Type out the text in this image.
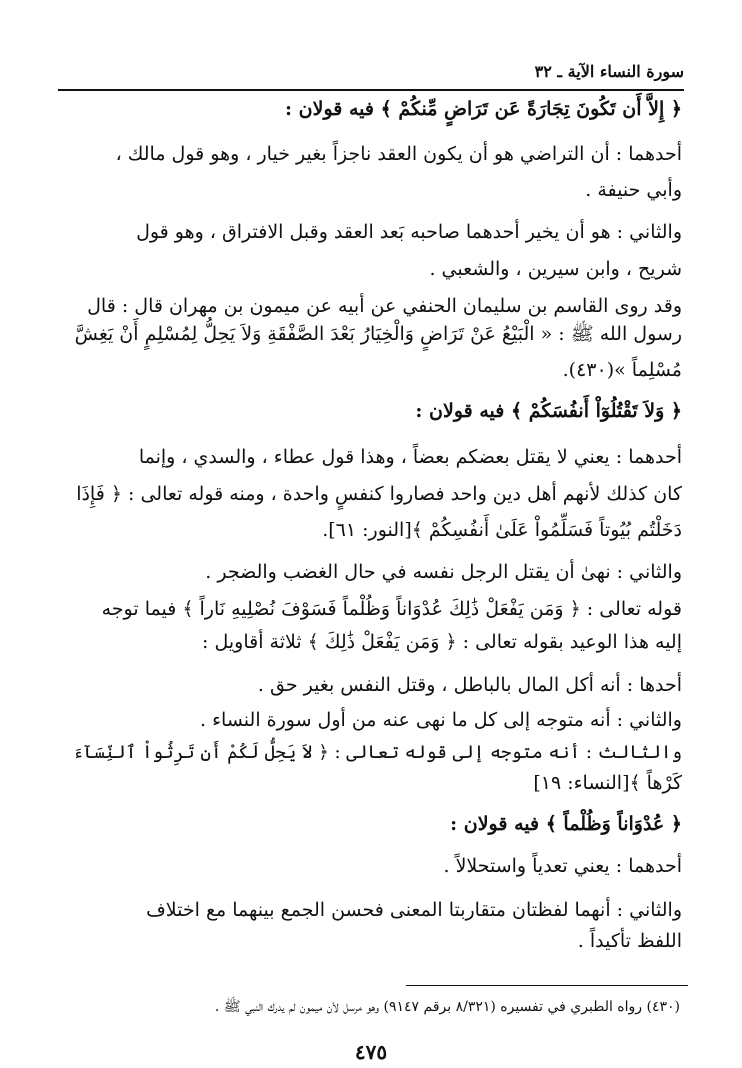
سورة النساء الآية ـ ٣٢
﴿ إِلاَّ أَن تَكُونَ تِجَارَةً عَن تَرَاضٍ مِّنكُمْ ﴾ فيه قولان :
أحدهما : أن التراضي هو أن يكون العقد ناجزاً بغير خيار ، وهو قول مالك ،
وأبي حنيفة .
والثاني : هو أن يخير أحدهما صاحبه بَعد العقد وقبل الافتراق ، وهو قول
شريح ، وابن سيرين ، والشعبي .
وقد روى القاسم بن سليمان الحنفي عن أبيه عن ميمون بن مهران قال : قال
رسول الله ﷺ : « الْبَيْعُ عَنْ تَرَاضٍ وَالْخِيَارُ بَعْدَ الصَّفْقَةِ وَلاَ يَحِلُّ لِمُسْلِمٍ أَنْ يَغِشَّ
مُسْلِماً »(٤٣٠).
﴿ وَلاَ تَقْتُلُوٓاْ أَنفُسَكُمْ ﴾ فيه قولان :
أحدهما : يعني لا يقتل بعضكم بعضاً ، وهذا قول عطاء ، والسدي ، وإنما
كان كذلك لأنهم أهل دين واحد فصاروا كنفسٍ واحدة ، ومنه قوله تعالى : ﴿ فَإِذَا
دَخَلْتُم بُيُوتاً فَسَلِّمُواْ عَلَىٰ أَنفُسِكُمْ ﴾[النور: ٦١].
والثاني : نهىٰ أن يقتل الرجل نفسه في حال الغضب والضجر .
قوله تعالى : ﴿ وَمَن يَفْعَلْ ذَٰلِكَ عُدْوَاناً وَظُلْماً فَسَوْفَ نُصْلِيهِ نَاراً ﴾ فيما توجه
إليه هذا الوعيد بقوله تعالى : ﴿ وَمَن يَفْعَلْ ذَٰلِكَ ﴾ ثلاثة أقاويل :
أحدها : أنه أكل المال بالباطل ، وقتل النفس بغير حق .
والثاني : أنه متوجه إلى كل ما نهى عنه من أول سورة النساء .
والثالث : أنه متوجه إلى قوله تعالى : ﴿ لاَ يَحِلُّ لَكُمْ أَن تَرِثُواْ ٱلنِّسَآءَ
كَرْهاً ﴾[النساء: ١٩]
﴿ عُدْوَاناً وَظُلْماً ﴾ فيه قولان :
أحدهما : يعني تعدياً واستحلالاً .
والثاني : أنهما لفظتان متقاربتا المعنى فحسن الجمع بينهما مع اختلاف
اللفظ تأكيداً .
(٤٣٠) رواه الطبري في تفسيره (٨/٣٢١ برقم ٩١٤٧) وهو مرسل لأن ميمون لم يدرك النبي ﷺ .
٤٧٥
